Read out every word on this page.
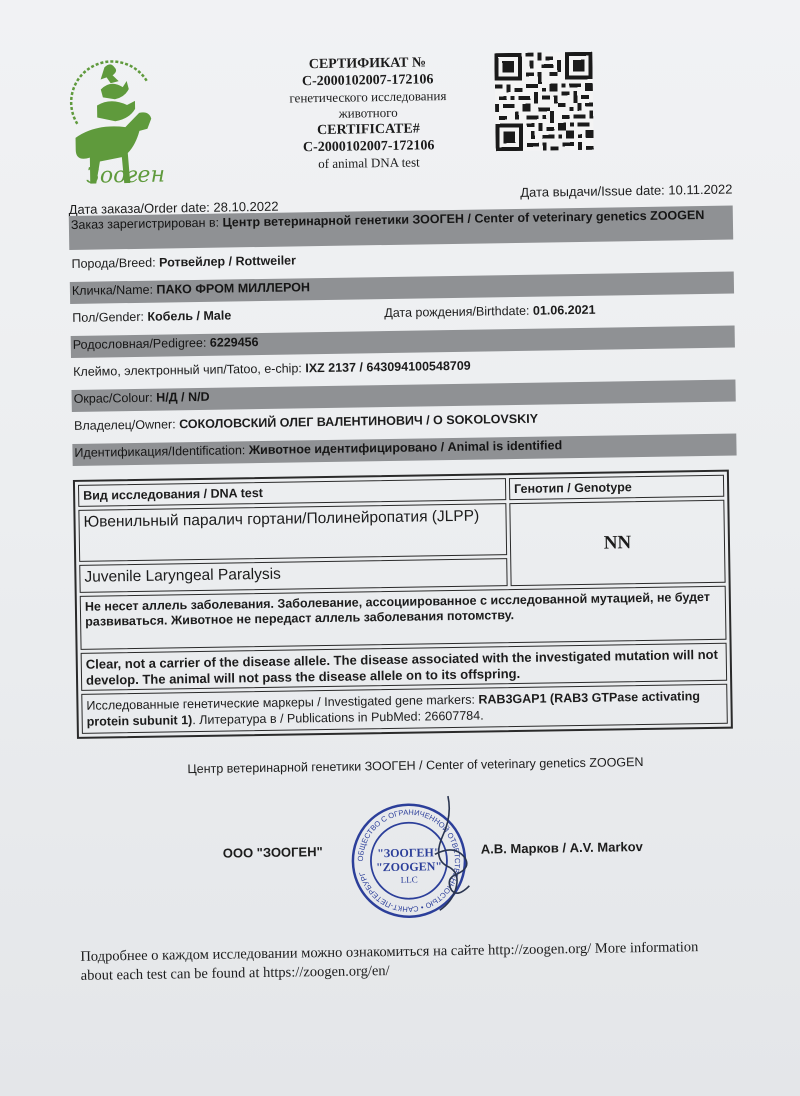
Зоогeн
СЕРТИФИКАТ №
С-2000102007-172106
генетического исследования
животного
CERTIFICATE#
С-2000102007-172106
of animal DNA test
Дата заказа/Order date: 28.10.2022
Дата выдачи/Issue date: 10.11.2022
Заказ зарегистрирован в: Центр ветеринарной генетики ЗООГЕН / Center of veterinary genetics ZOOGEN
Порода/Breed: Ротвейлер / Rottweiler
Кличка/Name: ПАКО ФРОМ МИЛЛЕРОН
Пол/Gender: Кобель / Male	Дата рождения/Birthdate: 01.06.2021
Родословная/Pedigree: 6229456
Клеймо, электронный чип/Tatoo, e-chip: IXZ 2137 / 643094100548709
Окрас/Colour: Н/Д / N/D
Владелец/Owner: СОКОЛОВСКИЙ ОЛЕГ ВАЛЕНТИНОВИЧ / О SOKOLOVSKIY
Идентификация/Identification: Животное идентифицировано / Animal is identified
Вид исследования / DNA test	Генотип / Genotype
Ювенильный паралич гортани/Полинейропатия (JLPP)
NN
Juvenile Laryngeal Paralysis
Не несет аллель заболевания. Заболевание, ассоциированное с исследованной мутацией, не будет развиваться. Животное не передаст аллель заболевания потомству.
Clear, not a carrier of the disease allele. The disease associated with the investigated mutation will not develop. The animal will not pass the disease allele on to its offspring.
Исследованные генетические маркеры / Investigated gene markers: RAB3GAP1 (RAB3 GTPase activating protein subunit 1). Литература в / Publications in PubMed: 26607784.
Центр ветеринарной генетики ЗООГЕН / Center of veterinary genetics ZOOGEN
ООО "ЗООГЕН"	ОБЩЕСТВО С ОГРАНИЧЕННОЙ ОТВЕТСТВЕННОСТЬЮ • САНКТ-ПЕТЕРБУРГ
"ЗООГЕН"
"ZOOGEN"
LLC
А.В. Марков / A.V. Markov
Подробнее о каждом исследовании можно ознакомиться на сайте http://zoogen.org/ More information about each test can be found at https://zoogen.org/en/
